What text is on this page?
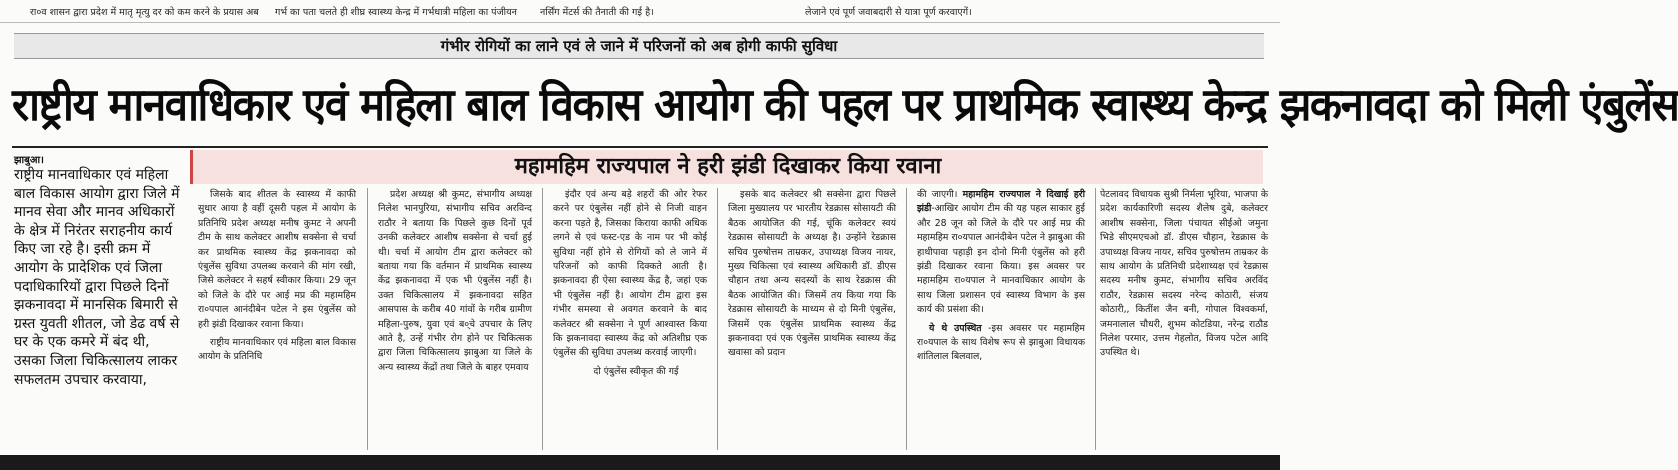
रा०व शासन द्वारा प्रदेश में मातृ मृत्यु दर को कम करने के प्रयास अब गर्भ का पता चलते ही शीघ्र स्वास्थ्य केन्द्र में गर्भधात्री महिला का पंजीयन नर्सिंग मेंटर्स की तैनाती की गई है।	लेजाने एवं पूर्ण जवाबदारी से यात्रा पूर्ण करवाएगें।
गंभीर रोगियों का लाने एवं ले जाने में परिजनों को अब होगी काफी सुविधा
राष्ट्रीय मानवाधिकार एवं महिला बाल विकास आयोग की पहल पर प्राथमिक स्वास्थ्य केन्द्र झकनावदा को मिली एंबुलेंस
झाबुआ।	महामहिम राज्यपाल ने हरी झंडी दिखाकर किया रवाना
राष्ट्रीय मानवाधिकार एवं महिला बाल विकास आयोग द्वारा जिले में मानव सेवा और मानव अधिकारों के क्षेत्र में निरंतर सराहनीय कार्य किए जा रहे है। इसी क्रम में आयोग के प्रादेशिक एवं जिला पदाधिकारियों द्वारा पिछले दिनों झकनावदा में मानसिक बिमारी से ग्रस्त युवती शीतल, जो डेढ वर्ष से घर के एक कमरे में बंद थी, उसका जिला चिकित्सालय लाकर सफलतम उपचार करवाया,

जिसके बाद शीतल के स्वास्थ्य में काफी सुधार आया है वहीं दूसरी पहल में आयोग के प्रतिनिधि प्रदेश अध्यक्ष मनीष कुमट ने अपनी टीम के साथ कलेक्टर आशीष सक्सेना से चर्चा कर प्राथमिक स्वास्थ्य केंद्र झकनावदा को एंबुलेंस सुविधा उपलब्ध करवाने की मांग रखी, जिसे कलेक्टर ने सहर्ष स्वीकार किया। 29 जून को जिले के दौरे पर आई मप्र की महामहिम रा०पपाल आनंदीबेन पटेल ने इस एंबुलेंस को हरी झंडी दिखाकर रवाना किया।

राष्ट्रीय मानवाधिकार एवं महिला बाल विकास आयोग के प्रतिनिधि

प्रदेश अध्यक्ष श्री कुमट, संभागीय अध्यक्ष निलेश भानपुरिया, संभागीय सचिव अरविन्द राठौर ने बताया कि पिछले कुछ दिनों पूर्व उनकी कलेक्टर आशीष सक्सेना से चर्चा हुई थी। चर्चा में आयोग टीम द्वारा कलेक्टर को बताया गया कि वर्तमान में प्राथमिक स्वास्थ्य केंद्र झकनावदा में एक भी एंबुलेंस नहीं है। उक्त चिकित्सालय में झकनावदा सहित आसपास के करीब 40 गांवों के गरीब ग्रामीण महिला-पुरुष, युवा एवं ब०्चे उपचार के लिए आते है, उन्हें गंभीर रोग होने पर चिकित्सक द्वारा जिला चिकित्सालय झाबुआ या जिले के अन्य स्वास्थ्य केंद्रों तथा जिले के बाहर एमवाय

इंदौर एवं अन्य बड़े शहरों की ओर रेफर करने पर एंबुलेंस नहीं होने से निजी वाहन करना पड़ते है, जिसका किराया काफी अधिक लगने से एवं फस्ट-एड के नाम पर भी कोई सुविधा नहीं होने से रोगियों को ले जाने में परिजनों को काफी दिक्कते आती है। झकनावदा ही ऐसा स्वास्थ्य केंद्र है, जहां एक भी एंबुलेंस नहीं है। आयोग टीम द्वारा इस गंभीर समस्या से अवगत करवाने के बाद कलेक्टर श्री सक्सेना ने पूर्ण आश्वास्त किया कि झकनावदा स्वास्थ्य केंद्र को अतिशीघ्र एक एंबुलेंस की सुविधा उपलब्ध करवाई जाएगी।

दो एंबुलेंस स्वीकृत की गई

इसके बाद कलेक्टर श्री सक्सेना द्वारा पिछले जिला मुख्यालय पर भारतीय रेडक्रास सोसायटी की बैठक आयोजित की गई, चूंकि कलेक्टर स्वयं रेडक्रास सोसायटी के अध्यक्ष है। उन्होंने रेडक्रास सचिव पुरुषोत्तम ताम्रकर, उपाध्यक्ष विजय नायर, मुख्य चिकित्सा एवं स्वास्थ्य अधिकारी डॉ. डीएस चौहान तथा अन्य सदस्यों के साथ रेडक्रास की बैठक आयोजित की। जिसमें तय किया गया कि रेडक्रास सोसायटी के माध्यम से दो मिनी एंबुलेंस, जिसमें एक एंबुलेंस प्राथमिक स्वास्थ्य केंद्र झकनावदा एवं एक एंबुलेंस प्राथमिक स्वास्थ्य केंद्र खवासा को प्रदान

की जाएगी। महामहिम राज्यपाल ने दिखाई हरी झंडी-आखिर आयोग टीम की यह पहल साकार हुई और 28 जून को जिले के दौरे पर आई मप्र की महामहिम रा०यपाल आनंदीबेन पटेल ने झाबुआ की हाथीपावा पहाड़ी इन दोनो मिनी एंबुलेंस को हरी झंडी दिखाकर रवाना किया। इस अवसर पर महामहिम रा०यपाल ने मानवाधिकार आयोग के साथ जिला प्रशासन एवं स्वास्थ्य विभाग के इस कार्य की प्रसंशा की।

ये थे उपस्थित -इस अवसर पर महामहिम रा०यपाल के साथ विशेष रूप से झाबुआ विधायक शांतिलाल बिलवाल,

पेटलावद विधायक सुश्री निर्मला भूरिया, भाजपा के प्रदेश कार्यकारिणी सदस्य शैलेष दुबे, कलेक्टर आशीष सक्सेना, जिला पंचायत सीईओ जमुना भिडे सीएमएचओ डॉ. डीएस चौहान, रेडक्रास के उपाध्यक्ष विजय नायर, सचिव पुरुषोत्तम ताम्रकर के साथ आयोग के प्रतिनिधी प्रदेशाध्यक्ष एवं रेडक्रास सदस्य मनीष कुमट, संभागीय सचिव अरविंद राठौर, रेडक्रास सदस्य नरेन्द कोठारी, संजय कोठारी,, कितींश जैन बनी, गोपाल विश्वकर्मा, जमनालाल चौधरी, शुभम कोटडिया, नरेन्द्र राठौड निलेश परमार, उत्तम गेहलोत, विजय पटेल आदि उपस्थित थे।
